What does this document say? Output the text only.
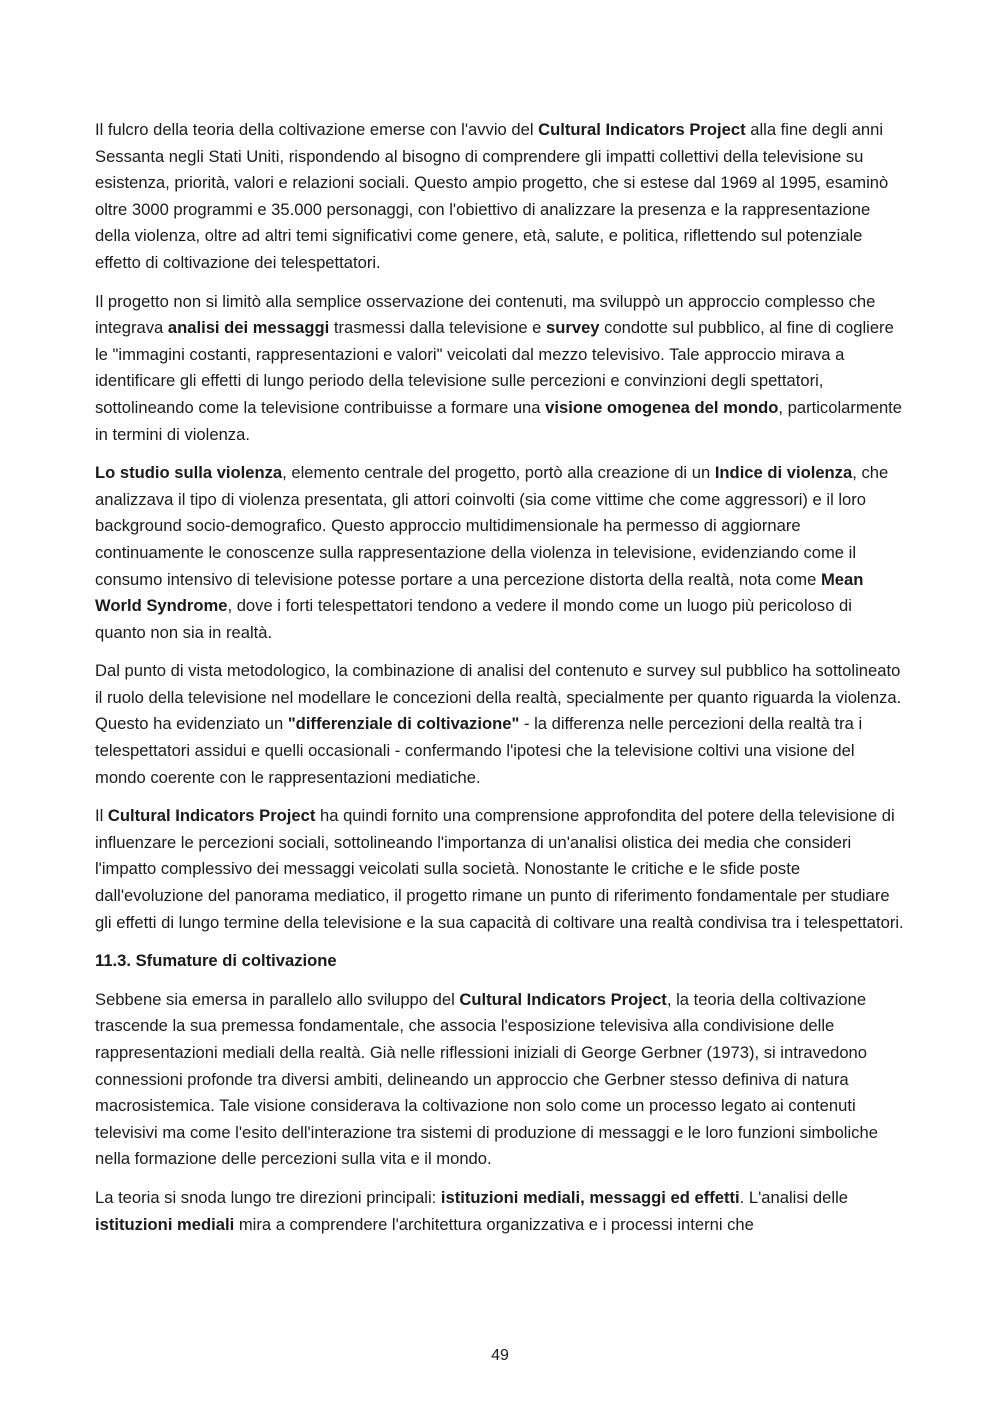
Il fulcro della teoria della coltivazione emerse con l'avvio del Cultural Indicators Project alla fine degli anni Sessanta negli Stati Uniti, rispondendo al bisogno di comprendere gli impatti collettivi della televisione su esistenza, priorità, valori e relazioni sociali. Questo ampio progetto, che si estese dal 1969 al 1995, esaminò oltre 3000 programmi e 35.000 personaggi, con l'obiettivo di analizzare la presenza e la rappresentazione della violenza, oltre ad altri temi significativi come genere, età, salute, e politica, riflettendo sul potenziale effetto di coltivazione dei telespettatori.

Il progetto non si limitò alla semplice osservazione dei contenuti, ma sviluppò un approccio complesso che integrava analisi dei messaggi trasmessi dalla televisione e survey condotte sul pubblico, al fine di cogliere le "immagini costanti, rappresentazioni e valori" veicolati dal mezzo televisivo. Tale approccio mirava a identificare gli effetti di lungo periodo della televisione sulle percezioni e convinzioni degli spettatori, sottolineando come la televisione contribuisse a formare una visione omogenea del mondo, particolarmente in termini di violenza.

Lo studio sulla violenza, elemento centrale del progetto, portò alla creazione di un Indice di violenza, che analizzava il tipo di violenza presentata, gli attori coinvolti (sia come vittime che come aggressori) e il loro background socio-demografico. Questo approccio multidimensionale ha permesso di aggiornare continuamente le conoscenze sulla rappresentazione della violenza in televisione, evidenziando come il consumo intensivo di televisione potesse portare a una percezione distorta della realtà, nota come Mean World Syndrome, dove i forti telespettatori tendono a vedere il mondo come un luogo più pericoloso di quanto non sia in realtà.

Dal punto di vista metodologico, la combinazione di analisi del contenuto e survey sul pubblico ha sottolineato il ruolo della televisione nel modellare le concezioni della realtà, specialmente per quanto riguarda la violenza. Questo ha evidenziato un "differenziale di coltivazione" - la differenza nelle percezioni della realtà tra i telespettatori assidui e quelli occasionali - confermando l'ipotesi che la televisione coltivi una visione del mondo coerente con le rappresentazioni mediatiche.

Il Cultural Indicators Project ha quindi fornito una comprensione approfondita del potere della televisione di influenzare le percezioni sociali, sottolineando l'importanza di un'analisi olistica dei media che consideri l'impatto complessivo dei messaggi veicolati sulla società. Nonostante le critiche e le sfide poste dall'evoluzione del panorama mediatico, il progetto rimane un punto di riferimento fondamentale per studiare gli effetti di lungo termine della televisione e la sua capacità di coltivare una realtà condivisa tra i telespettatori.

11.3. Sfumature di coltivazione

Sebbene sia emersa in parallelo allo sviluppo del Cultural Indicators Project, la teoria della coltivazione trascende la sua premessa fondamentale, che associa l'esposizione televisiva alla condivisione delle rappresentazioni mediali della realtà. Già nelle riflessioni iniziali di George Gerbner (1973), si intravedono connessioni profonde tra diversi ambiti, delineando un approccio che Gerbner stesso definiva di natura macrosistemica. Tale visione considerava la coltivazione non solo come un processo legato ai contenuti televisivi ma come l'esito dell'interazione tra sistemi di produzione di messaggi e le loro funzioni simboliche nella formazione delle percezioni sulla vita e il mondo.

La teoria si snoda lungo tre direzioni principali: istituzioni mediali, messaggi ed effetti. L'analisi delle istituzioni mediali mira a comprendere l'architettura organizzativa e i processi interni che

49
